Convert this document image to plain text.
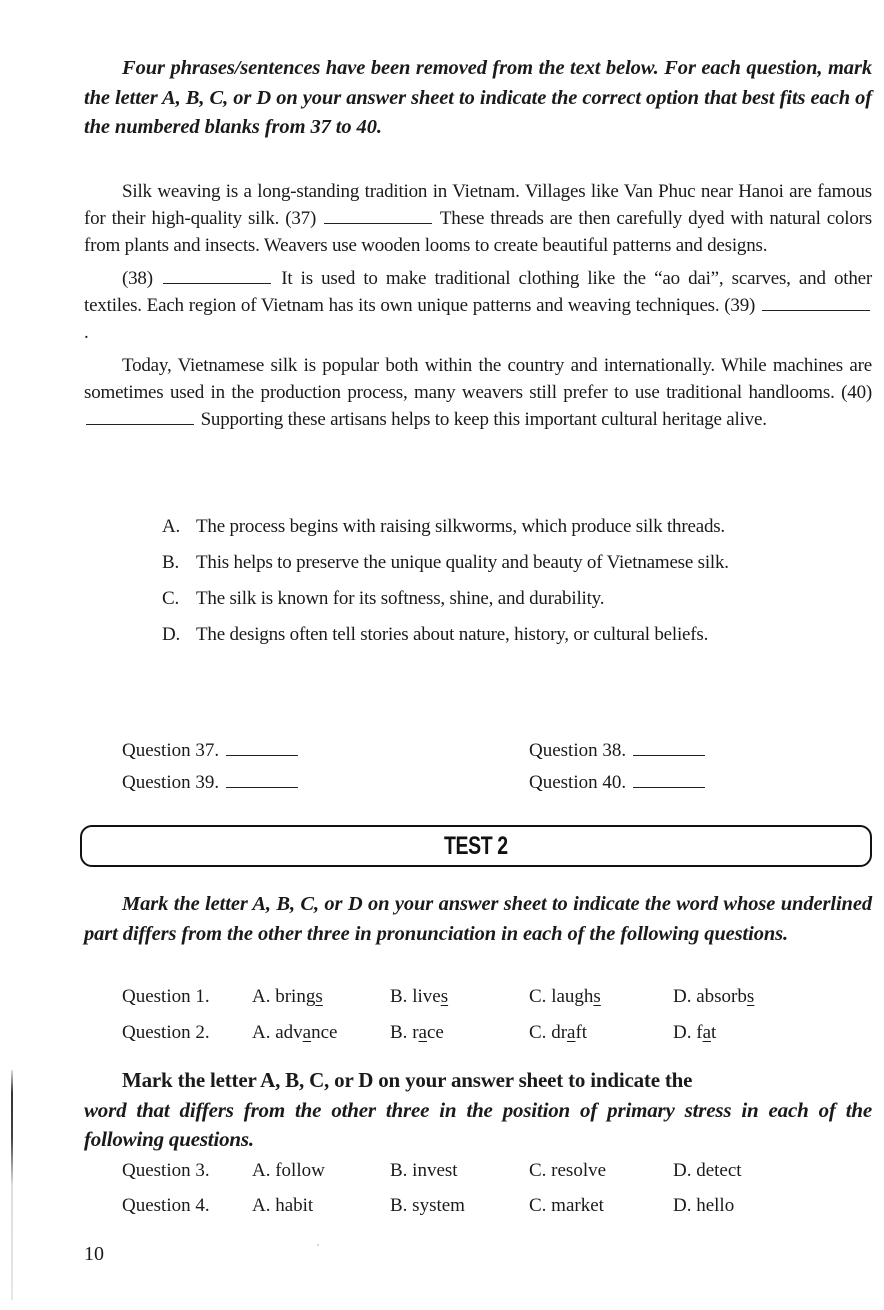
Four phrases/sentences have been removed from the text below. For each question, mark the letter A, B, C, or D on your answer sheet to indicate the correct option that best fits each of the numbered blanks from 37 to 40.

Silk weaving is a long-standing tradition in Vietnam. Villages like Van Phuc near Hanoi are famous for their high-quality silk. (37)	These threads are then carefully dyed with natural colors from plants and insects. Weavers use wooden looms to create beautiful patterns and designs.

(38)	It is used to make traditional clothing like the “ao dai”, scarves, and other textiles. Each region of Vietnam has its own unique patterns and weaving techniques. (39) .

Today, Vietnamese silk is popular both within the country and internationally. While machines are sometimes used in the production process, many weavers still prefer to use traditional handlooms. (40)  Supporting these artisans helps to keep this important cultural heritage alive.

A. The process begins with raising silkworms, which produce silk threads.

B. This helps to preserve the unique quality and beauty of Vietnamese silk.

C. The silk is known for its softness, shine, and durability.

D. The designs often tell stories about nature, history, or cultural beliefs.

Question 37.	Question 38.
Question 39.	Question 40.
TEST 2

Mark the letter A, B, C, or D on your answer sheet to indicate the word whose underlined part differs from the other three in pronunciation in each of the following questions.

Question 1. A. brings	B. lives	C. laughs	D. absorbs
Question 2. A. advance	B. race	C. draft	D. fat

Mark the letter A, B, C, or D on your answer sheet to indicate the
word that differs from the other three in the position of primary stress in each of the following questions.

Question 3. A. follow	B. invest	C. resolve	D. detect
Question 4. A. habit	B. system	C. market	D. hello
10
